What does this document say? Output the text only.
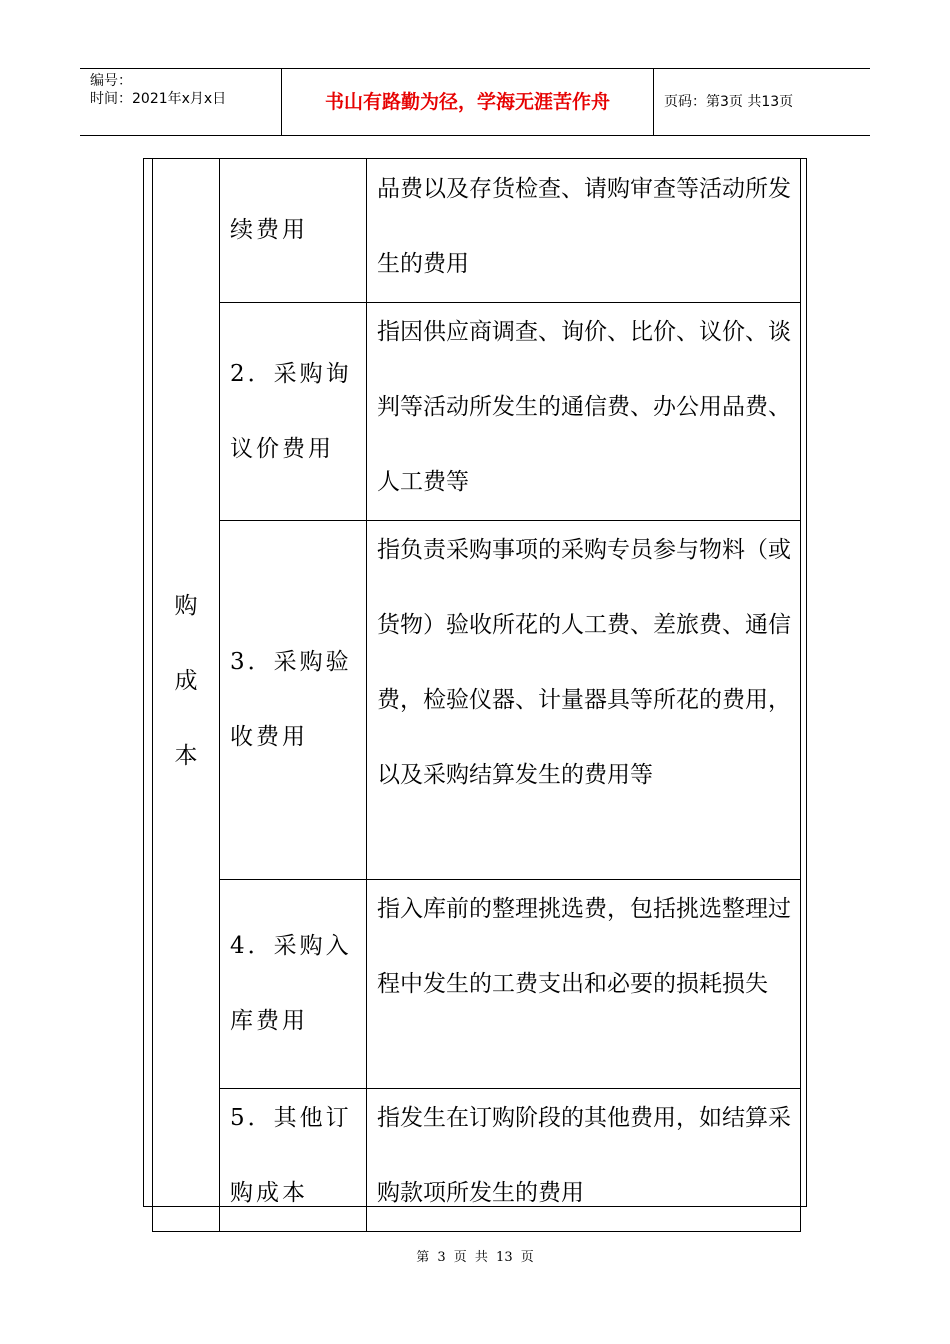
编号：
时间：2021年x月x日	书山有路勤为径，学海无涯苦作舟	页码：第3页 共13页
购
成
本	续费用	品费以及存货检查、请购审查等活动所发生的费用

	2．采购询议价费用	指因供应商调查、询价、比价、议价、谈判等活动所发生的通信费、办公用品费、人工费等

	3．采购验收费用	指负责采购事项的采购专员参与物料（或货物）验收所花的人工费、差旅费、通信费，检验仪器、计量器具等所花的费用，以及采购结算发生的费用等

	4．采购入库费用	指入库前的整理挑选费，包括挑选整理过程中发生的工费支出和必要的损耗损失

	5．其他订购成本	指发生在订购阶段的其他费用，如结算采购款项所发生的费用
第 3 页 共 13 页
